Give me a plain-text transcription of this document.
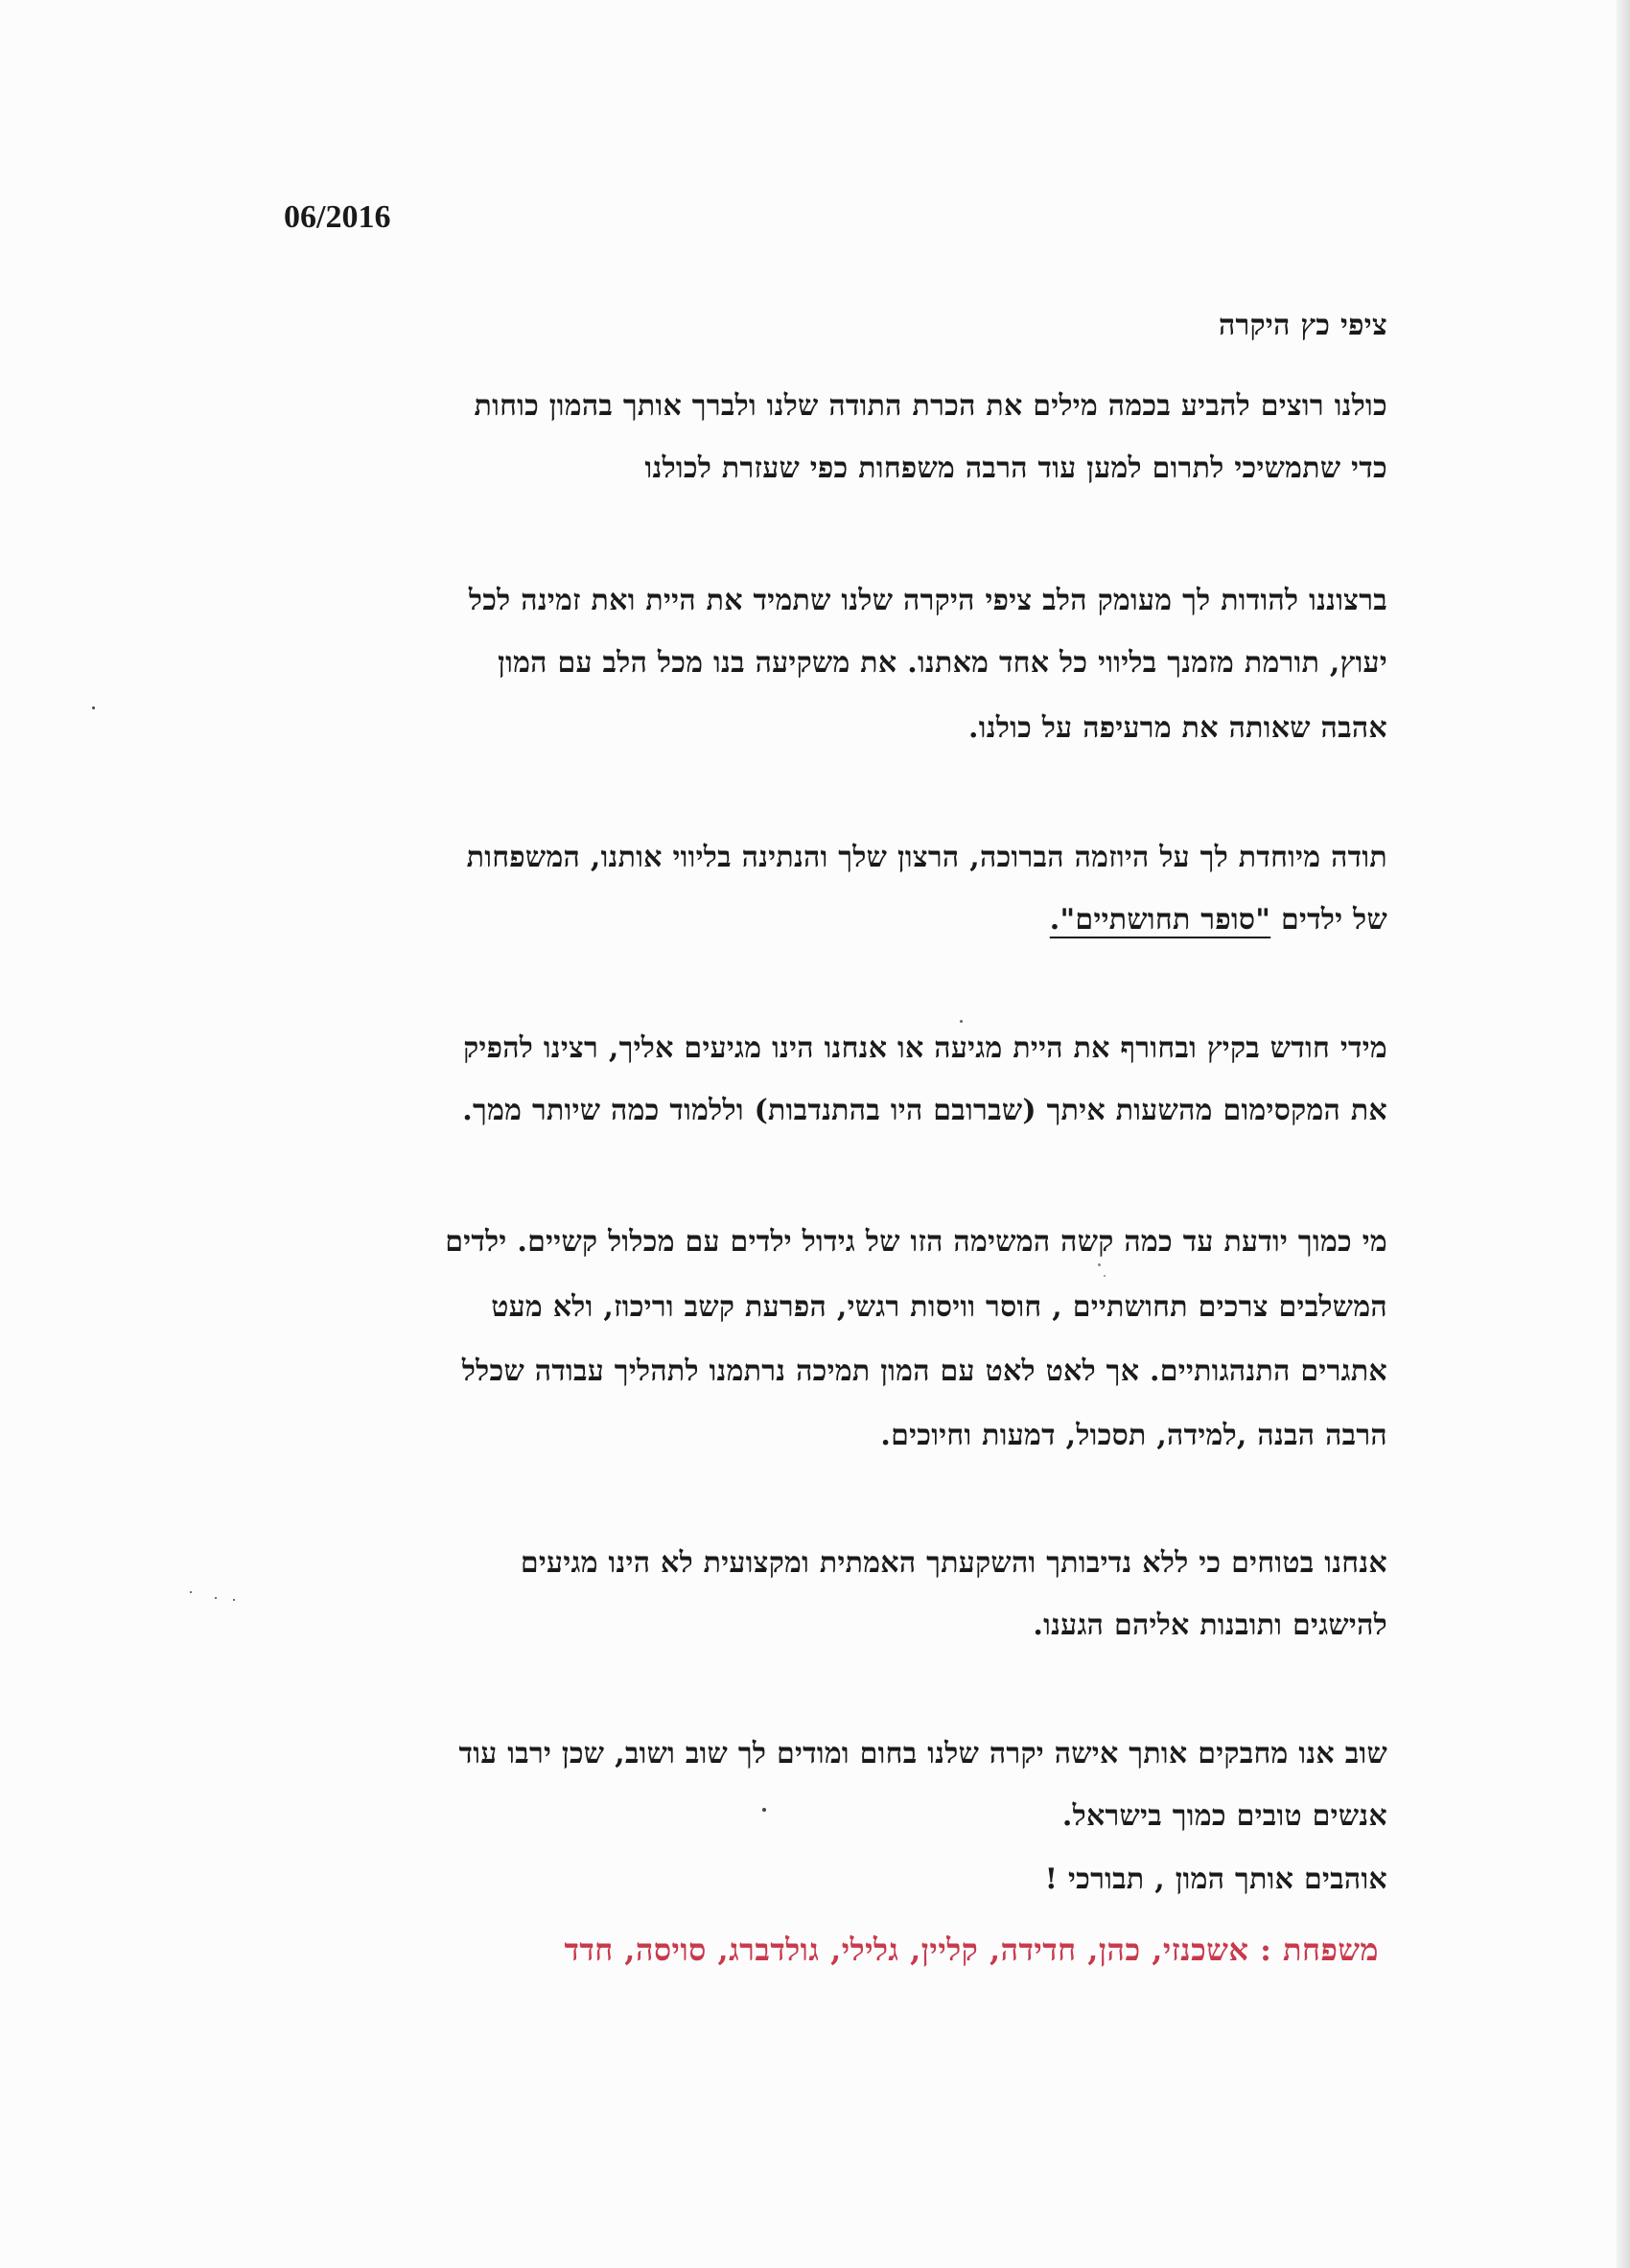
06/2016
ציפי כץ היקרה
כולנו רוצים להביע בכמה מילים את הכרת התודה שלנו ולברך אותך בהמון כוחות
כדי שתמשיכי לתרום למען עוד הרבה משפחות כפי שעזרת לכולנו
ברצוננו להודות לך מעומק הלב ציפי היקרה שלנו שתמיד את היית ואת זמינה לכל
יעוץ, תורמת מזמנך בליווי כל אחד מאתנו. את משקיעה בנו מכל הלב עם המון
אהבה שאותה את מרעיפה על כולנו.
תודה מיוחדת לך על היוזמה הברוכה, הרצון שלך והנתינה בליווי אותנו, המשפחות
של ילדים "סופר תחושתיים".
מידי חודש בקיץ ובחורף את היית מגיעה או אנחנו הינו מגיעים אליך, רצינו להפיק
את המקסימום מהשעות איתך (שברובם היו בהתנדבות) וללמוד כמה שיותר ממך.
מי כמוך יודעת עד כמה קשה המשימה הזו של גידול ילדים עם מכלול קשיים. ילדים
המשלבים צרכים תחושתיים , חוסר וויסות רגשי, הפרעת קשב וריכוז, ולא מעט
אתגרים התנהגותיים. אך לאט לאט עם המון תמיכה נרתמנו לתהליך עבודה שכלל
הרבה הבנה ,למידה, תסכול, דמעות וחיוכים.
אנחנו בטוחים כי ללא נדיבותך והשקעתך האמתית ומקצועית לא הינו מגיעים
להישגים ותובנות אליהם הגענו.
שוב אנו מחבקים אותך אישה יקרה שלנו בחום ומודים לך שוב ושוב, שכן ירבו עוד
אנשים טובים כמוך בישראל.
אוהבים אותך המון , תבורכי !
משפחת : אשכנזי, כהן, חדידה, קליין, גלילי, גולדברג, סויסה, חדד
